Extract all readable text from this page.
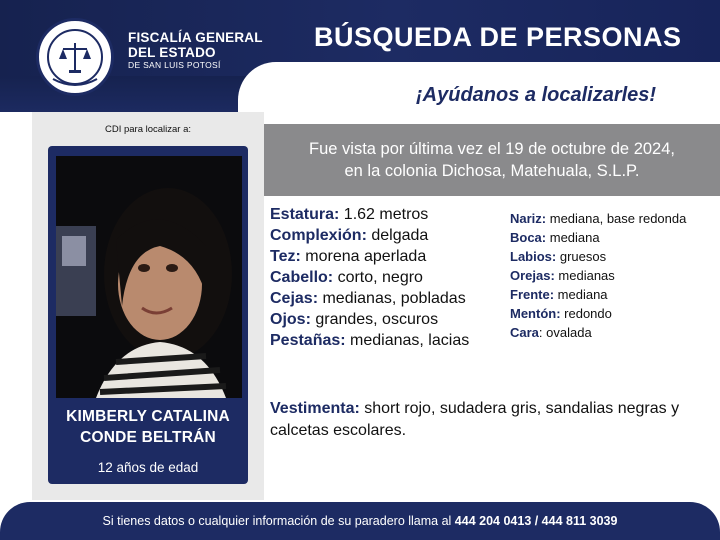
FISCALÍA GENERAL
DEL ESTADO
DE SAN LUIS POTOSÍ
BÚSQUEDA DE PERSONAS
¡Ayúdanos a localizarles!
CDI para localizar a:
KIMBERLY CATALINA
CONDE BELTRÁN
12 años de edad
Fue vista por última vez el 19 de octubre de 2024,
en la colonia Dichosa, Matehuala, S.L.P.
Estatura: 1.62 metros
Complexión: delgada
Tez: morena aperlada
Cabello: corto, negro
Cejas: medianas, pobladas
Ojos: grandes, oscuros
Pestañas: medianas, lacias
Nariz: mediana, base redonda
Boca: mediana
Labios: gruesos
Orejas: medianas
Frente: mediana
Mentón: redondo
Cara: ovalada
Vestimenta: short rojo, sudadera gris, sandalias negras y calcetas escolares.
Si tienes datos o cualquier información de su paradero llama al 444 204 0413 / 444 811 3039
